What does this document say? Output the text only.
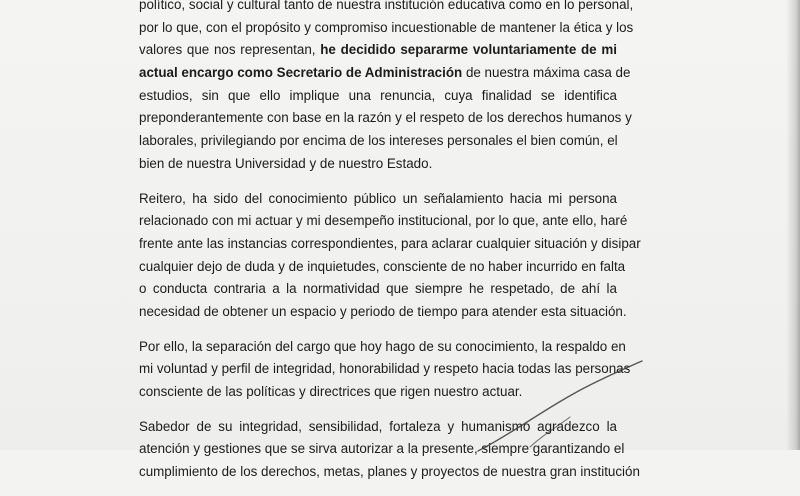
político, social y cultural tanto de nuestra institución educativa como en lo personal,
por lo que, con el propósito y compromiso incuestionable de mantener la ética y los
valores que nos representan, he decidido separarme voluntariamente de mi
actual encargo como Secretario de Administración de nuestra máxima casa de
estudios, sin que ello implique una renuncia, cuya finalidad se identifica
preponderantemente con base en la razón y el respeto de los derechos humanos y
laborales, privilegiando por encima de los intereses personales el bien común, el
bien de nuestra Universidad y de nuestro Estado.
Reitero, ha sido del conocimiento público un señalamiento hacia mi persona
relacionado con mi actuar y mi desempeño institucional, por lo que, ante ello, haré
frente ante las instancias correspondientes, para aclarar cualquier situación y disipar
cualquier dejo de duda y de inquietudes, consciente de no haber incurrido en falta
o conducta contraria a la normatividad que siempre he respetado, de ahí la
necesidad de obtener un espacio y periodo de tiempo para atender esta situación.
Por ello, la separación del cargo que hoy hago de su conocimiento, la respaldo en
mi voluntad y perfil de integridad, honorabilidad y respeto hacia todas las personas
consciente de las políticas y directrices que rigen nuestro actuar.
Sabedor de su integridad, sensibilidad, fortaleza y humanismo agradezco la
atención y gestiones que se sirva autorizar a la presente, siempre garantizando el
cumplimiento de los derechos, metas, planes y proyectos de nuestra gran institución
